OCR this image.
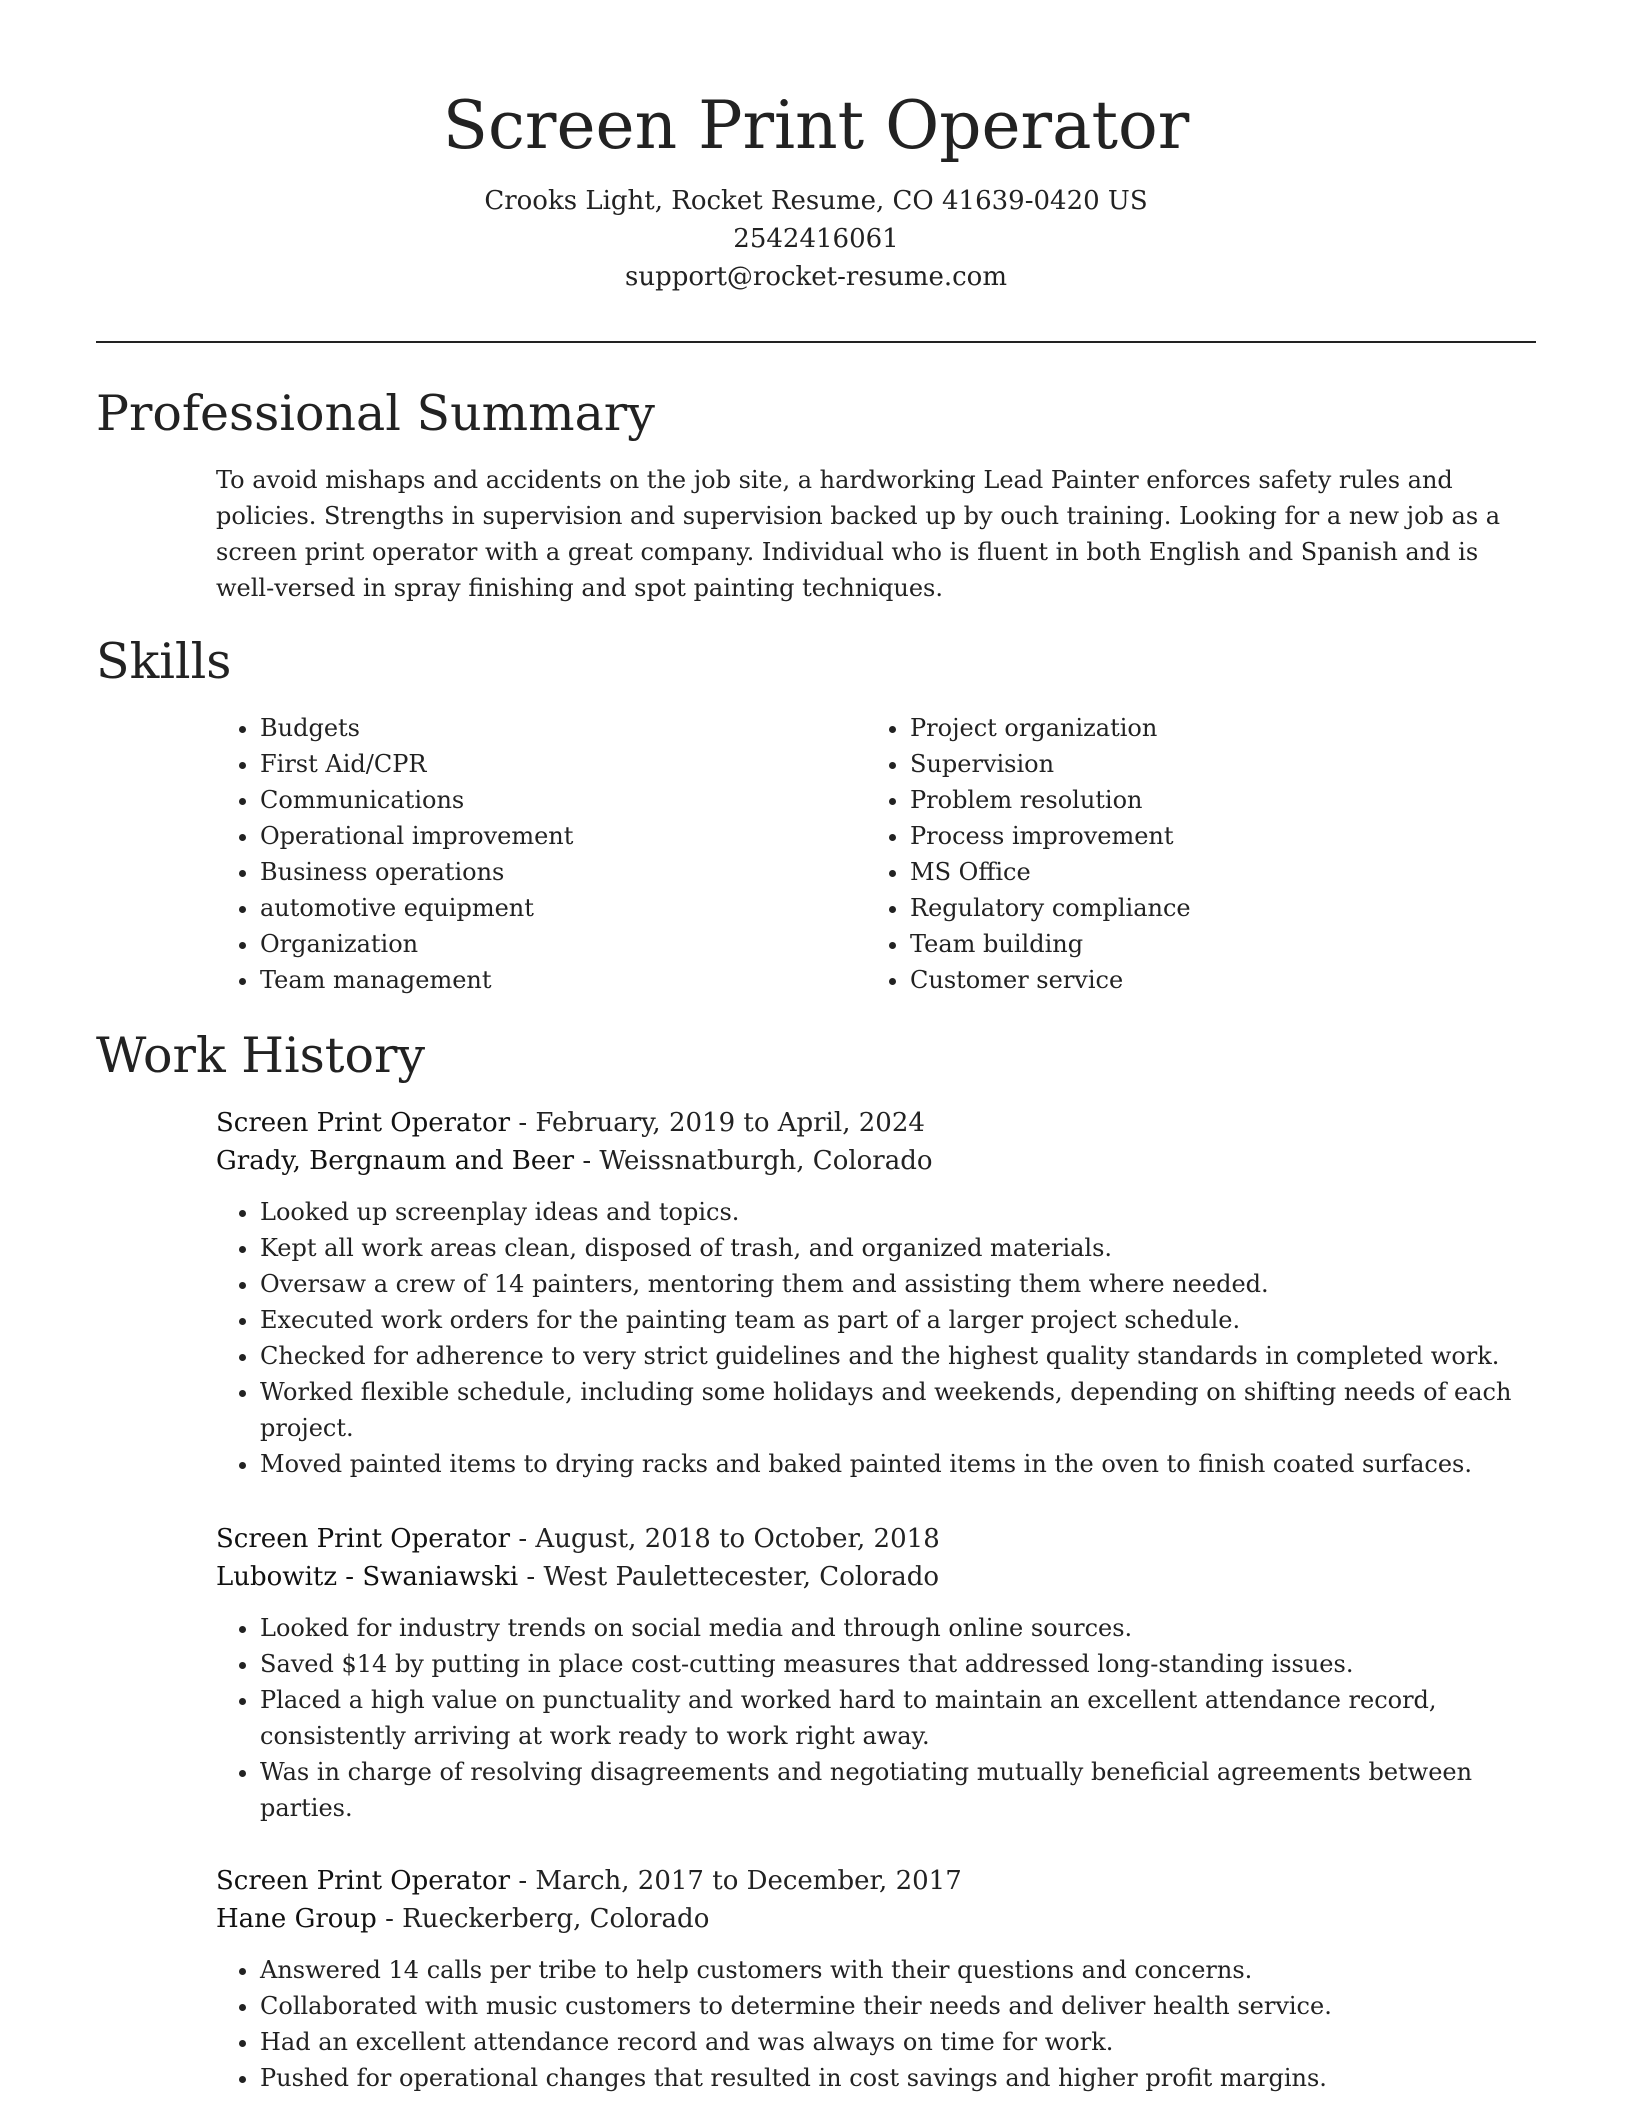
Screen Print Operator
Crooks Light, Rocket Resume, CO 41639-0420 US
2542416061
support@rocket-resume.com
Professional Summary

To avoid mishaps and accidents on the job site, a hardworking Lead Painter enforces safety rules and policies. Strengths in supervision and supervision backed up by ouch training. Looking for a new job as a screen print operator with a great company. Individual who is fluent in both English and Spanish and is well-versed in spray finishing and spot painting techniques.

Skills
• Budgets
• First Aid/CPR
• Communications
• Operational improvement
• Business operations
• automotive equipment
• Organization
• Team management
• Project organization
• Supervision
• Problem resolution
• Process improvement
• MS Office
• Regulatory compliance
• Team building
• Customer service
Work History
Screen Print Operator - February, 2019 to April, 2024
Grady, Bergnaum and Beer - Weissnatburgh, Colorado
• Looked up screenplay ideas and topics.
• Kept all work areas clean, disposed of trash, and organized materials.
• Oversaw a crew of 14 painters, mentoring them and assisting them where needed.
• Executed work orders for the painting team as part of a larger project schedule.
• Checked for adherence to very strict guidelines and the highest quality standards in completed work.
• Worked flexible schedule, including some holidays and weekends, depending on shifting needs of each project.
• Moved painted items to drying racks and baked painted items in the oven to finish coated surfaces.
Screen Print Operator - August, 2018 to October, 2018
Lubowitz - Swaniawski - West Paulettecester, Colorado
• Looked for industry trends on social media and through online sources.
• Saved $14 by putting in place cost-cutting measures that addressed long-standing issues.
• Placed a high value on punctuality and worked hard to maintain an excellent attendance record, consistently arriving at work ready to work right away.
• Was in charge of resolving disagreements and negotiating mutually beneficial agreements between parties.
Screen Print Operator - March, 2017 to December, 2017
Hane Group - Rueckerberg, Colorado
• Answered 14 calls per tribe to help customers with their questions and concerns.
• Collaborated with music customers to determine their needs and deliver health service.
• Had an excellent attendance record and was always on time for work.
• Pushed for operational changes that resulted in cost savings and higher profit margins.
